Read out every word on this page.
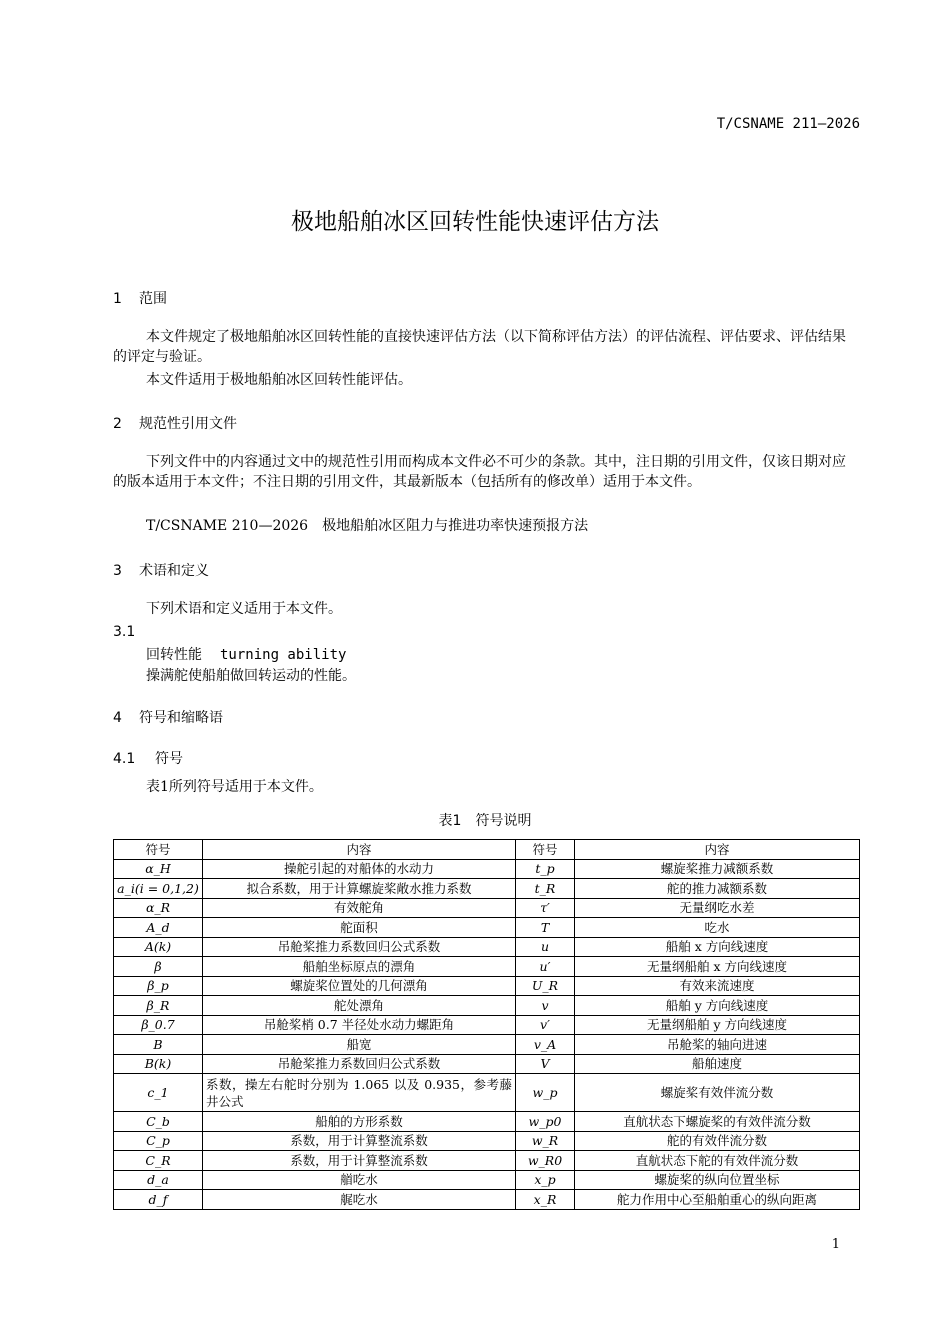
T/CSNAME 211—2026
极地船舶冰区回转性能快速评估方法
1 范围
本文件规定了极地船舶冰区回转性能的直接快速评估方法（以下简称评估方法）的评估流程、评估要求、评估结果的评定与验证。
本文件适用于极地船舶冰区回转性能评估。
2 规范性引用文件
下列文件中的内容通过文中的规范性引用而构成本文件必不可少的条款。其中，注日期的引用文件，仅该日期对应的版本适用于本文件；不注日期的引用文件，其最新版本（包括所有的修改单）适用于本文件。
T/CSNAME 210—2026　极地船舶冰区阻力与推进功率快速预报方法
3 术语和定义
下列术语和定义适用于本文件。
3.1
回转性能 turning ability
操满舵使船舶做回转运动的性能。
4 符号和缩略语
4.1 符号
表1所列符号适用于本文件。
表1　符号说明
符号	内容	符号	内容
α_H	操舵引起的对船体的水动力	t_p	螺旋桨推力减额系数
a_i(i = 0,1,2)	拟合系数，用于计算螺旋桨敞水推力系数	t_R	舵的推力减额系数
α_R	有效舵角	τ′	无量纲吃水差
A_d	舵面积	T	吃水
A(k)	吊舱桨推力系数回归公式系数	u	船舶 x 方向线速度
β	船舶坐标原点的漂角	u′	无量纲船舶 x 方向线速度
β_p	螺旋桨位置处的几何漂角	U_R	有效来流速度
β_R	舵处漂角	v	船舶 y 方向线速度
β_0.7	吊舱桨梢 0.7 半径处水动力螺距角	v′	无量纲船舶 y 方向线速度
B	船宽	v_A	吊舱桨的轴向进速
B(k)	吊舱桨推力系数回归公式系数	V	船舶速度
c_1	系数，操左右舵时分别为 1.065 以及 0.935，参考藤井公式	w_p	螺旋桨有效伴流分数
C_b	船舶的方形系数	w_p0	直航状态下螺旋桨的有效伴流分数
C_p	系数，用于计算整流系数	w_R	舵的有效伴流分数
C_R	系数，用于计算整流系数	w_R0	直航状态下舵的有效伴流分数
d_a	艏吃水	x_p	螺旋桨的纵向位置坐标
d_f	艉吃水	x_R	舵力作用中心至船舶重心的纵向距离
1
